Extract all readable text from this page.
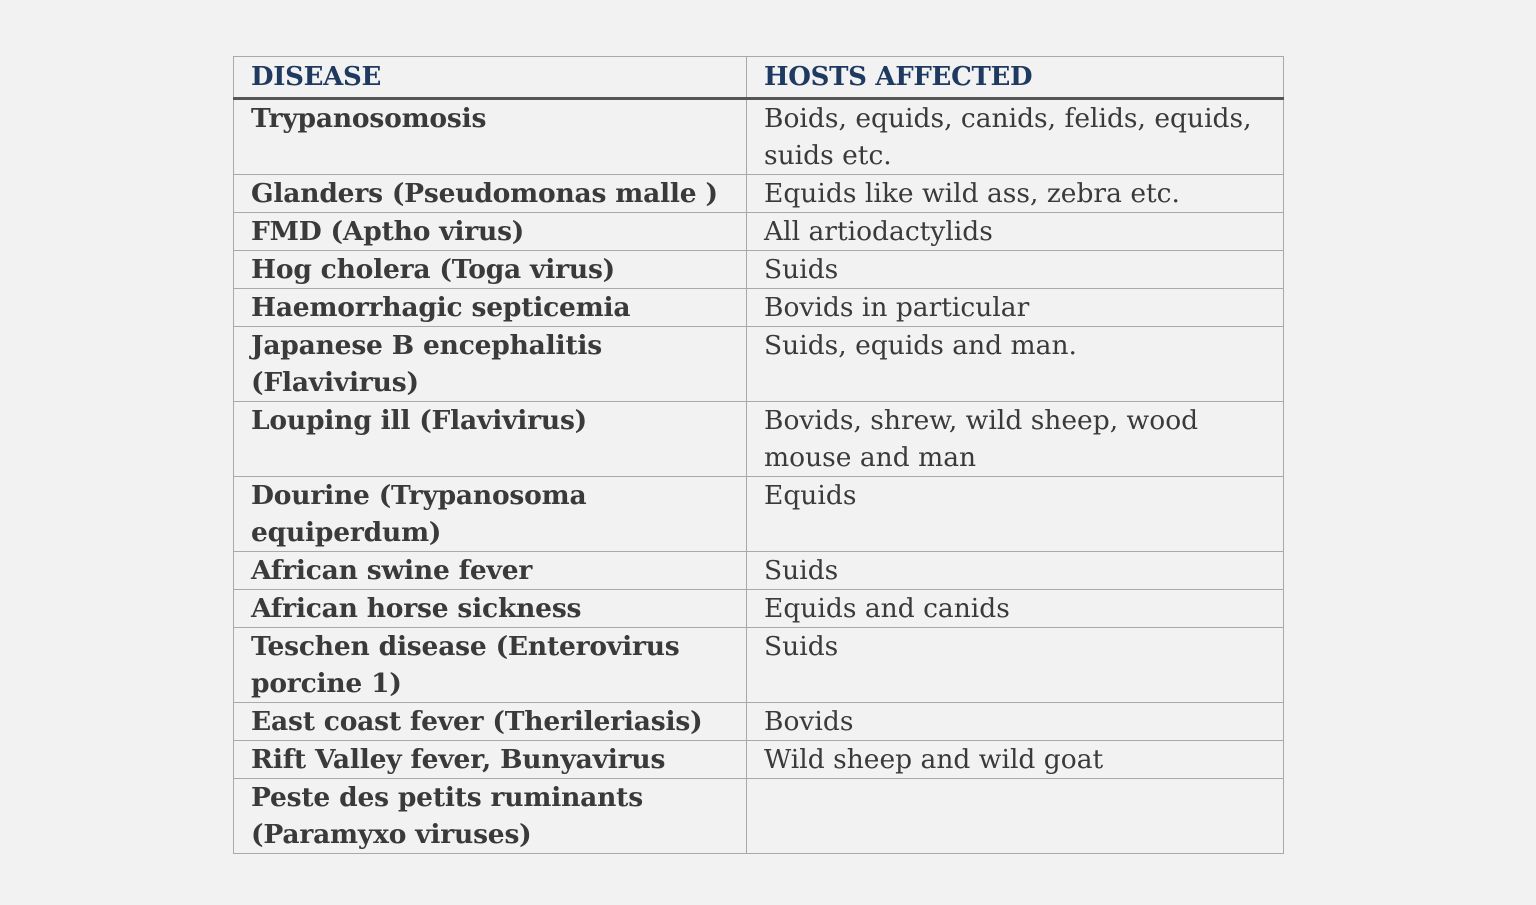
DISEASE	HOSTS AFFECTED
Trypanosomosis	Boids, equids, canids, felids, equids, suids etc.
Glanders (Pseudomonas malle )	Equids like wild ass, zebra etc.
FMD (Aptho virus)	All artiodactylids
Hog cholera (Toga virus)	Suids
Haemorrhagic septicemia	Bovids in particular
Japanese B encephalitis (Flavivirus)	Suids, equids and man.
Louping ill (Flavivirus)	Bovids, shrew, wild sheep, wood mouse and man
Dourine (Trypanosoma equiperdum)	Equids
African swine fever	Suids
African horse sickness	Equids and canids
Teschen disease (Enterovirus porcine 1)	Suids
East coast fever (Therileriasis)	Bovids
Rift Valley fever, Bunyavirus	Wild sheep and wild goat
Peste des petits ruminants (Paramyxo viruses)	
